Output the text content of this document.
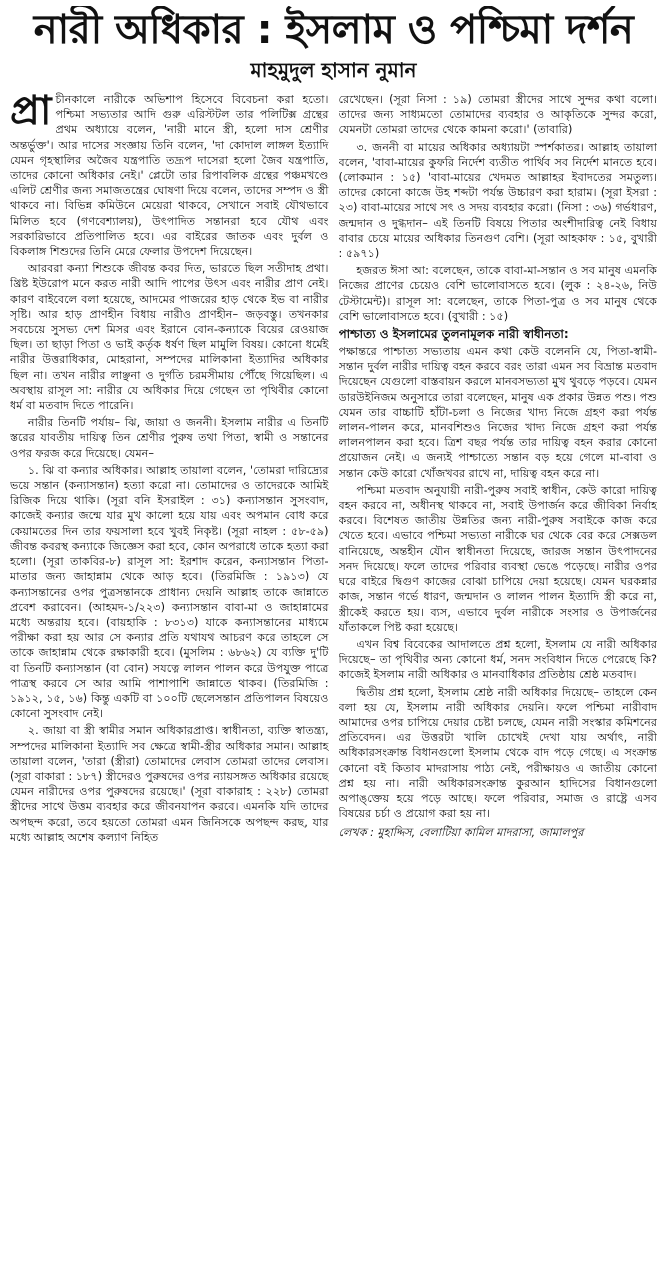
নারী অধিকার : ইসলাম ও পশ্চিমা দর্শন
মাহমুদুল হাসান নুমান

প্রা চীনকালে নারীকে অভিশাপ হিসেবে বিবেচনা করা হতো। পশ্চিমা সভ্যতার আদি গুরু এরিস্টটল তার পলিটিক্স গ্রন্থের প্রথম অধ্যায়ে বলেন, 'নারী মানে স্ত্রী, হলো দাস শ্রেণীর অন্তর্ভুক্ত'। আর দাসের সংজ্ঞায় তিনি বলেন, 'দা কোদাল লাঙ্গল ইত্যাদি যেমন গৃহস্থালির অজৈব যন্ত্রপাতি তদ্রূপ দাসেরা হলো জৈব যন্ত্রপাতি, তাদের কোনো অধিকার নেই।' প্লেটো তার রিপাবলিক গ্রন্থের পঞ্চমখণ্ডে এলিট শ্রেণীর জন্য সমাজতন্ত্রের ঘোষণা দিয়ে বলেন, তাদের সম্পদ ও স্ত্রী থাকবে না। বিভিন্ন কমিউনে মেয়েরা থাকবে, সেখানে সবাই যৌথভাবে মিলিত হবে (গণবেশ্যালয়), উৎপাদিত সন্তানরা হবে যৌথ এবং সরকারিভাবে প্রতিপালিত হবে। এর বাইরের জাতক এবং দুর্বল ও বিকলাঙ্গ শিশুদের তিনি মেরে ফেলার উপদেশ দিয়েছেন।

আরবরা কন্যা শিশুকে জীবন্ত কবর দিত, ভারতে ছিল সতীদাহ প্রথা। খ্রিষ্ট ইউরোপ মনে করত নারী আদি পাপের উৎস এবং নারীর প্রাণ নেই। কারণ বাইবেলে বলা হয়েছে, আদমের পাজরের হাড় থেকে ইভ বা নারীর সৃষ্টি। আর হাড় প্রাণহীন বিধায় নারীও প্রাণহীন– জড়বস্তু। তখনকার সবচেয়ে সুসভ্য দেশ মিসর এবং ইরানে বোন-কন্যাকে বিয়ের রেওয়াজ ছিল। তা ছাড়া পিতা ও ভাই কর্তৃক ধর্ষণ ছিল মামুলি বিষয়। কোনো ধর্মেই নারীর উত্তরাধিকার, মোহরানা, সম্পদের মালিকানা ইত্যাদির অধিকার ছিল না। তখন নারীর লাঞ্ছনা ও দুর্গতি চরমসীমায় পৌঁছে গিয়েছিল। এ অবস্থায় রাসূল সা: নারীর যে অধিকার দিয়ে গেছেন তা পৃথিবীর কোনো ধর্ম বা মতবাদ দিতে পারেনি।

নারীর তিনটি পর্যায়– ঝি, জায়া ও জননী। ইসলাম নারীর এ তিনটি স্তরের যাবতীয় দায়িত্ব তিন শ্রেণীর পুরুষ তথা পিতা, স্বামী ও সন্তানের ওপর ফরজ করে দিয়েছে। যেমন–

১. ঝি বা কন্যার অধিকার। আল্লাহ তায়ালা বলেন, 'তোমরা দারিদ্র্যের ভয়ে সন্তান (কন্যাসন্তান) হত্যা করো না। তোমাদের ও তাদেরকে আমিই রিজিক দিয়ে থাকি। (সূরা বনি ইসরাইল : ৩১) কন্যাসন্তান সুসংবাদ, কাজেই কন্যার জন্মে যার মুখ কালো হয়ে যায় এবং অপমান বোধ করে কেয়ামতের দিন তার ফয়সালা হবে খুবই নিকৃষ্ট। (সূরা নাহল : ৫৮-৫৯) জীবন্ত কবরস্থ কন্যাকে জিজ্ঞেস করা হবে, কোন অপরাধে তাকে হত্যা করা হলো। (সূরা তাকবির-৮) রাসূল সা: ইরশাদ করেন, কন্যাসন্তান পিতা-মাতার জন্য জাহান্নাম থেকে আড় হবে। (তিরমিজি : ১৯১৩) যে কন্যাসন্তানের ওপর পুত্রসন্তানকে প্রাধান্য দেয়নি আল্লাহ তাকে জান্নাতে প্রবেশ করাবেন। (আহমদ-১/২২৩) কন্যাসন্তান বাবা-মা ও জাহান্নামের মধ্যে অন্তরায় হবে। (বায়হাকি : ৮৩১৩) যাকে কন্যাসন্তানের মাধ্যমে পরীক্ষা করা হয় আর সে কন্যার প্রতি যথাযথ আচরণ করে তাহলে সে তাকে জাহান্নাম থেকে রক্ষাকারী হবে। (মুসলিম : ৬৮৬২) যে ব্যক্তি দু'টি বা তিনটি কন্যাসন্তান (বা বোন) সযত্নে লালন পালন করে উপযুক্ত পাত্রে পাত্রস্থ করবে সে আর আমি পাশাপাশি জান্নাতে থাকব। (তিরমিজি : ১৯১২, ১৫, ১৬) কিন্তু একটি বা ১০০টি ছেলেসন্তান প্রতিপালন বিষয়েও কোনো সুসংবাদ নেই।

২. জায়া বা স্ত্রী স্বামীর সমান অধিকারপ্রাপ্ত। স্বাধীনতা, ব্যক্তি স্বাতন্ত্র্য, সম্পদের মালিকানা ইত্যাদি সব ক্ষেত্রে স্বামী-স্ত্রীর অধিকার সমান। আল্লাহ তায়ালা বলেন, 'তারা (স্ত্রীরা) তোমাদের লেবাস তোমরা তাদের লেবাস। (সূরা বাকারা : ১৮৭) স্ত্রীদেরও পুরুষদের ওপর ন্যায়সঙ্গত অধিকার রয়েছে যেমন নারীদের ওপর পুরুষদের রয়েছে।' (সূরা বাকারাহ : ২২৮) তোমরা স্ত্রীদের সাথে উত্তম ব্যবহার করে জীবনযাপন করবে। এমনকি যদি তাদের অপছন্দ করো, তবে হয়তো তোমরা এমন জিনিসকে অপছন্দ করছ, যার মধ্যে আল্লাহ অশেষ কল্যাণ নিহিত

রেখেছেন। (সূরা নিসা : ১৯) তোমরা স্ত্রীদের সাথে সুন্দর কথা বলো। তাদের জন্য সাধ্যমতো তোমাদের ব্যবহার ও আকৃতিকে সুন্দর করো, যেমনটা তোমরা তাদের থেকে কামনা করো।' (তাবারি)

৩. জননী বা মায়ের অধিকার অধ্যায়টা স্পর্শকাতর। আল্লাহ তায়ালা বলেন, 'বাবা-মায়ের কুফরি নির্দেশ ব্যতীত পার্থিব সব নির্দেশ মানতে হবে। (লোকমান : ১৫) 'বাবা-মায়ের খেদমত আল্লাহর ইবাদতের সমতুল্য। তাদের কোনো কাজে উহ শব্দটা পর্যন্ত উচ্চারণ করা হারাম। (সূরা ইসরা : ২৩) বাবা-মায়ের সাথে সৎ ও সদয় ব্যবহার করো। (নিসা : ৩৬) গর্ভধারণ, জন্মদান ও দুগ্ধদান– এই তিনটি বিষয়ে পিতার অংশীদারিত্ব নেই বিধায় বাবার চেয়ে মায়ের অধিকার তিনগুণ বেশি। (সূরা আহকাফ : ১৫, বুখারী : ৫৯৭১)

হজরত ঈসা আ: বলেছেন, তাকে বাবা-মা-সন্তান ও সব মানুষ এমনকি নিজের প্রাণের চেয়েও বেশি ভালোবাসতে হবে। (লুক : ২৪-২৬, নিউ টেস্টামেন্ট)। রাসূল সা: বলেছেন, তাকে পিতা-পুত্র ও সব মানুষ থেকে বেশি ভালোবাসতে হবে। (বুখারী : ১৫)

পাশ্চাত্য ও ইসলামের তুলনামূলক নারী স্বাধীনতা:

পক্ষান্তরে পাশ্চাত্য সভ্যতায় এমন কথা কেউ বলেননি যে, পিতা-স্বামী-সন্তান দুর্বল নারীর দায়িত্ব বহন করবে বরং তারা এমন সব বিভ্রান্ত মতবাদ দিয়েছেন যেগুলো বাস্তবায়ন করলে মানবসভ্যতা মুখ থুবড়ে পড়বে। যেমন ডারউইনিজম অনুসারে তারা বলেছেন, মানুষ এক প্রকার উন্নত পশু। পশু যেমন তার বাচ্চাটি হাঁটা-চলা ও নিজের খাদ্য নিজে গ্রহণ করা পর্যন্ত লালন-পালন করে, মানবশিশুও নিজের খাদ্য নিজে গ্রহণ করা পর্যন্ত লালনপালন করা হবে। ত্রিশ বছর পর্যন্ত তার দায়িত্ব বহন করার কোনো প্রয়োজন নেই। এ জন্যই পাশ্চাত্যে সন্তান বড় হয়ে গেলে মা-বাবা ও সন্তান কেউ কারো খোঁজখবর রাখে না, দায়িত্ব বহন করে না।

পশ্চিমা মতবাদ অনুযায়ী নারী-পুরুষ সবাই স্বাধীন, কেউ কারো দায়িত্ব বহন করবে না, অধীনস্থ থাকবে না, সবাই উপার্জন করে জীবিকা নির্বাহ করবে। বিশেষত জাতীয় উন্নতির জন্য নারী-পুরুষ সবাইকে কাজ করে খেতে হবে। এভাবে পশ্চিমা সভ্যতা নারীকে ঘর থেকে বের করে সেক্সডল বানিয়েছে, অন্তহীন যৌন স্বাধীনতা দিয়েছে, জারজ সন্তান উৎপাদনের সনদ দিয়েছে। ফলে তাদের পরিবার ব্যবস্থা ভেঙে পড়েছে। নারীর ওপর ঘরে বাইরে দ্বিগুণ কাজের বোঝা চাপিয়ে দেয়া হয়েছে। যেমন ঘরকন্নার কাজ, সন্তান গর্ভে ধারণ, জন্মদান ও লালন পালন ইত্যাদি স্ত্রী করে না, স্ত্রীকেই করতে হয়। ব্যস, এভাবে দুর্বল নারীকে সংসার ও উপার্জনের যাঁতাকলে পিষ্ট করা হয়েছে।

এখন বিশ্ব বিবেকের আদালতে প্রশ্ন হলো, ইসলাম যে নারী অধিকার দিয়েছে– তা পৃথিবীর অন্য কোনো ধর্ম, সনদ সংবিধান দিতে পেরেছে কি? কাজেই ইসলাম নারী অধিকার ও মানবাধিকার প্রতিষ্ঠায় শ্রেষ্ঠ মতবাদ।

দ্বিতীয় প্রশ্ন হলো, ইসলাম শ্রেষ্ঠ নারী অধিকার দিয়েছে– তাহলে কেন বলা হয় যে, ইসলাম নারী অধিকার দেয়নি। ফলে পশ্চিমা নারীবাদ আমাদের ওপর চাপিয়ে দেয়ার চেষ্টা চলছে, যেমন নারী সংস্কার কমিশনের প্রতিবেদন। এর উত্তরটা খালি চোখেই দেখা যায় অর্থাৎ, নারী অধিকারসংক্রান্ত বিধানগুলো ইসলাম থেকে বাদ পড়ে গেছে। এ সংক্রান্ত কোনো বই কিতাব মাদরাসায় পাঠ্য নেই, পরীক্ষায়ও এ জাতীয় কোনো প্রশ্ন হয় না। নারী অধিকারসংক্রান্ত কুরআন হাদিসের বিধানগুলো অপাঙ্‌ক্তেয় হয়ে পড়ে আছে। ফলে পরিবার, সমাজ ও রাষ্ট্রে এসব বিষয়ের চর্চা ও প্রয়োগ করা হয় না।

লেখক : মুহাদ্দিস, বেলাটিয়া কামিল মাদরাসা, জামালপুর
